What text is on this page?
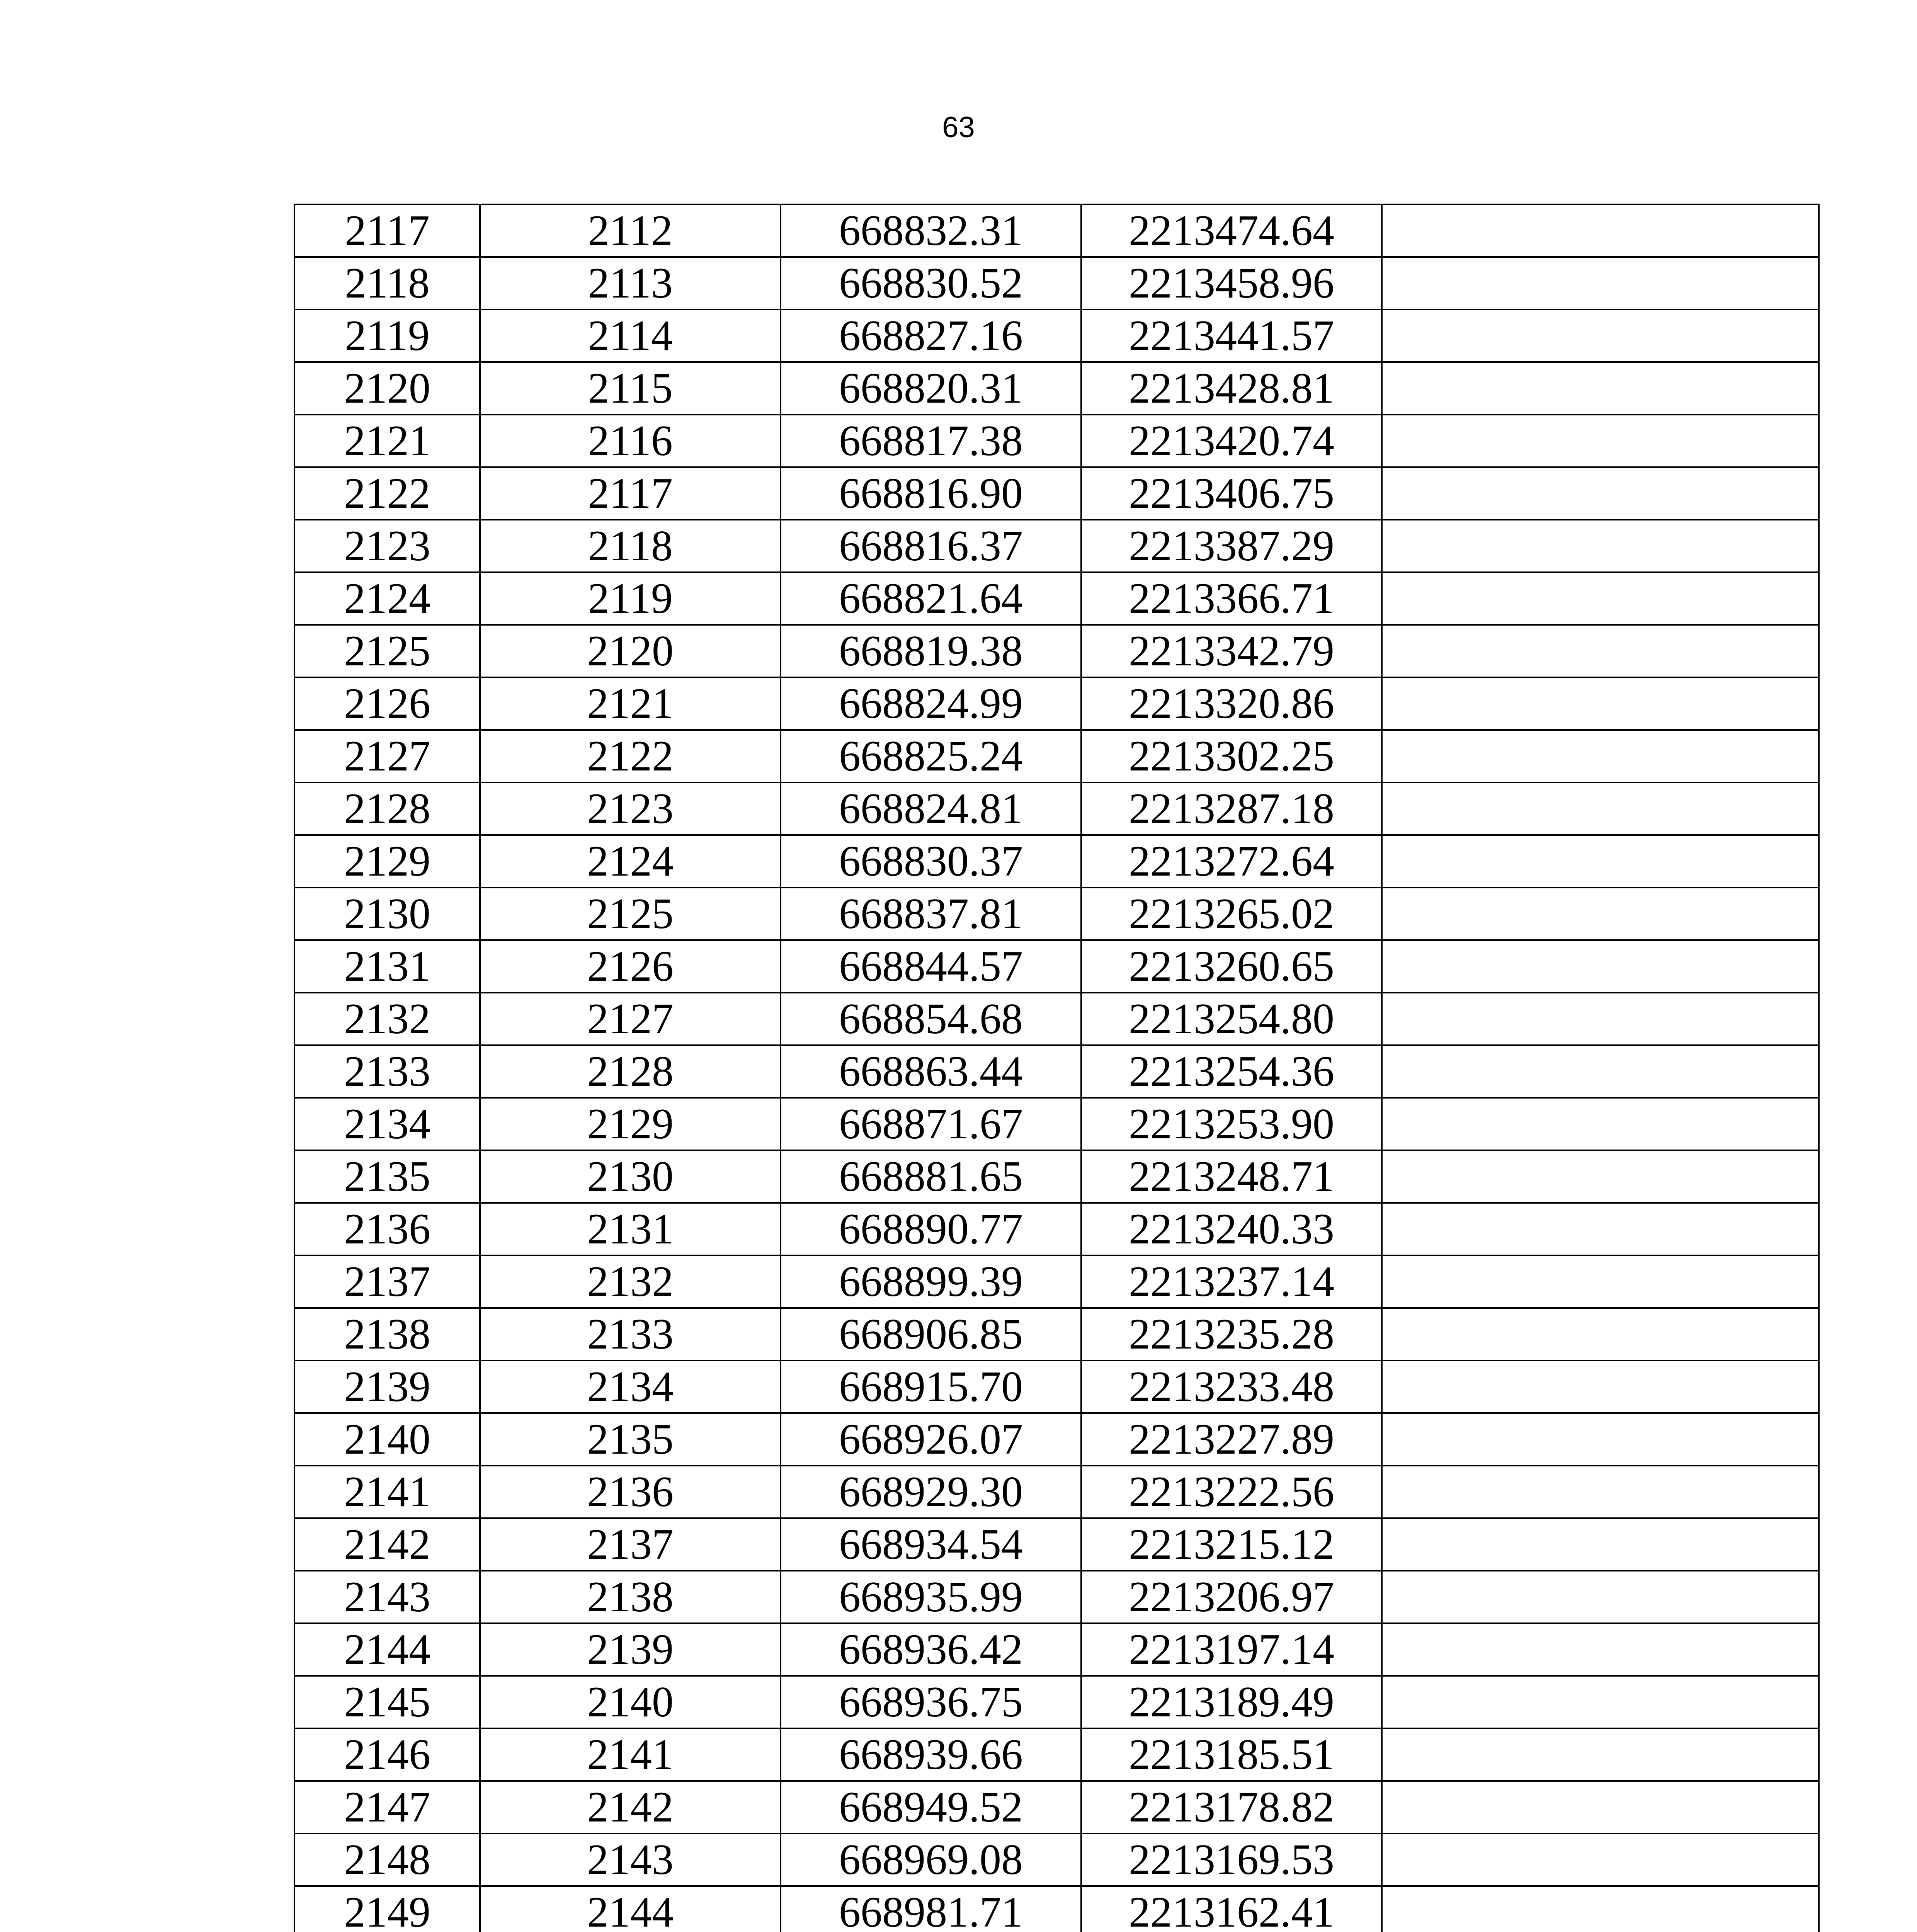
63
2117	2112	668832.31	2213474.64	
2118	2113	668830.52	2213458.96	
2119	2114	668827.16	2213441.57	
2120	2115	668820.31	2213428.81	
2121	2116	668817.38	2213420.74	
2122	2117	668816.90	2213406.75	
2123	2118	668816.37	2213387.29	
2124	2119	668821.64	2213366.71	
2125	2120	668819.38	2213342.79	
2126	2121	668824.99	2213320.86	
2127	2122	668825.24	2213302.25	
2128	2123	668824.81	2213287.18	
2129	2124	668830.37	2213272.64	
2130	2125	668837.81	2213265.02	
2131	2126	668844.57	2213260.65	
2132	2127	668854.68	2213254.80	
2133	2128	668863.44	2213254.36	
2134	2129	668871.67	2213253.90	
2135	2130	668881.65	2213248.71	
2136	2131	668890.77	2213240.33	
2137	2132	668899.39	2213237.14	
2138	2133	668906.85	2213235.28	
2139	2134	668915.70	2213233.48	
2140	2135	668926.07	2213227.89	
2141	2136	668929.30	2213222.56	
2142	2137	668934.54	2213215.12	
2143	2138	668935.99	2213206.97	
2144	2139	668936.42	2213197.14	
2145	2140	668936.75	2213189.49	
2146	2141	668939.66	2213185.51	
2147	2142	668949.52	2213178.82	
2148	2143	668969.08	2213169.53	
2149	2144	668981.71	2213162.41	
